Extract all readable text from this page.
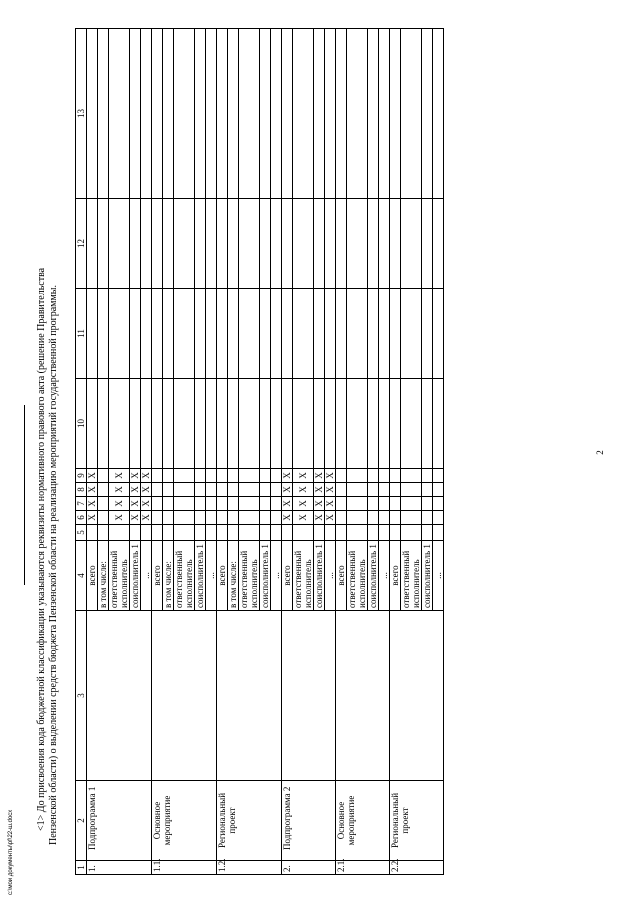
2
1	2	3	4	5	6	7	8	9	10	11	12	13
1.	Подпрограмма 1		всего		Х	Х	Х	Х				
			в том числе:									
			ответственный исполнитель		Х	Х	Х	Х				
			соисполнитель 1		Х	Х	Х	Х				
			...		Х	Х	Х	Х				
1.1.	Основное мероприятие		всего									
			в том числе:									
			ответственный исполнитель									
			соисполнитель 1									
			...									
1.2.	Региональный проект		всего									
			в том числе:									
			ответственный исполнитель									
			соисполнитель 1									
			...									
2.	Подпрограмма 2		всего		Х	Х	Х	Х				
			ответственный исполнитель		Х	Х	Х	Х				
			соисполнитель 1		Х	Х	Х	Х				
			...		Х	Х	Х	Х				
2.1.	Основное мероприятие		всего									
			ответственный исполнитель									
			соисполнитель 1									
			...									
2.2.	Региональный проект		всего									
			ответственный исполнитель									
			соисполнитель 1									
			...									
<1> До присвоения кода бюджетной классификации указываются реквизиты нормативного правового акта (решение Правительства Пензенской области) о выделении средств бюджета Пензенской области на реализацию мероприятий государственной программы.
c:\мои документы\pf\22-ш.docx
